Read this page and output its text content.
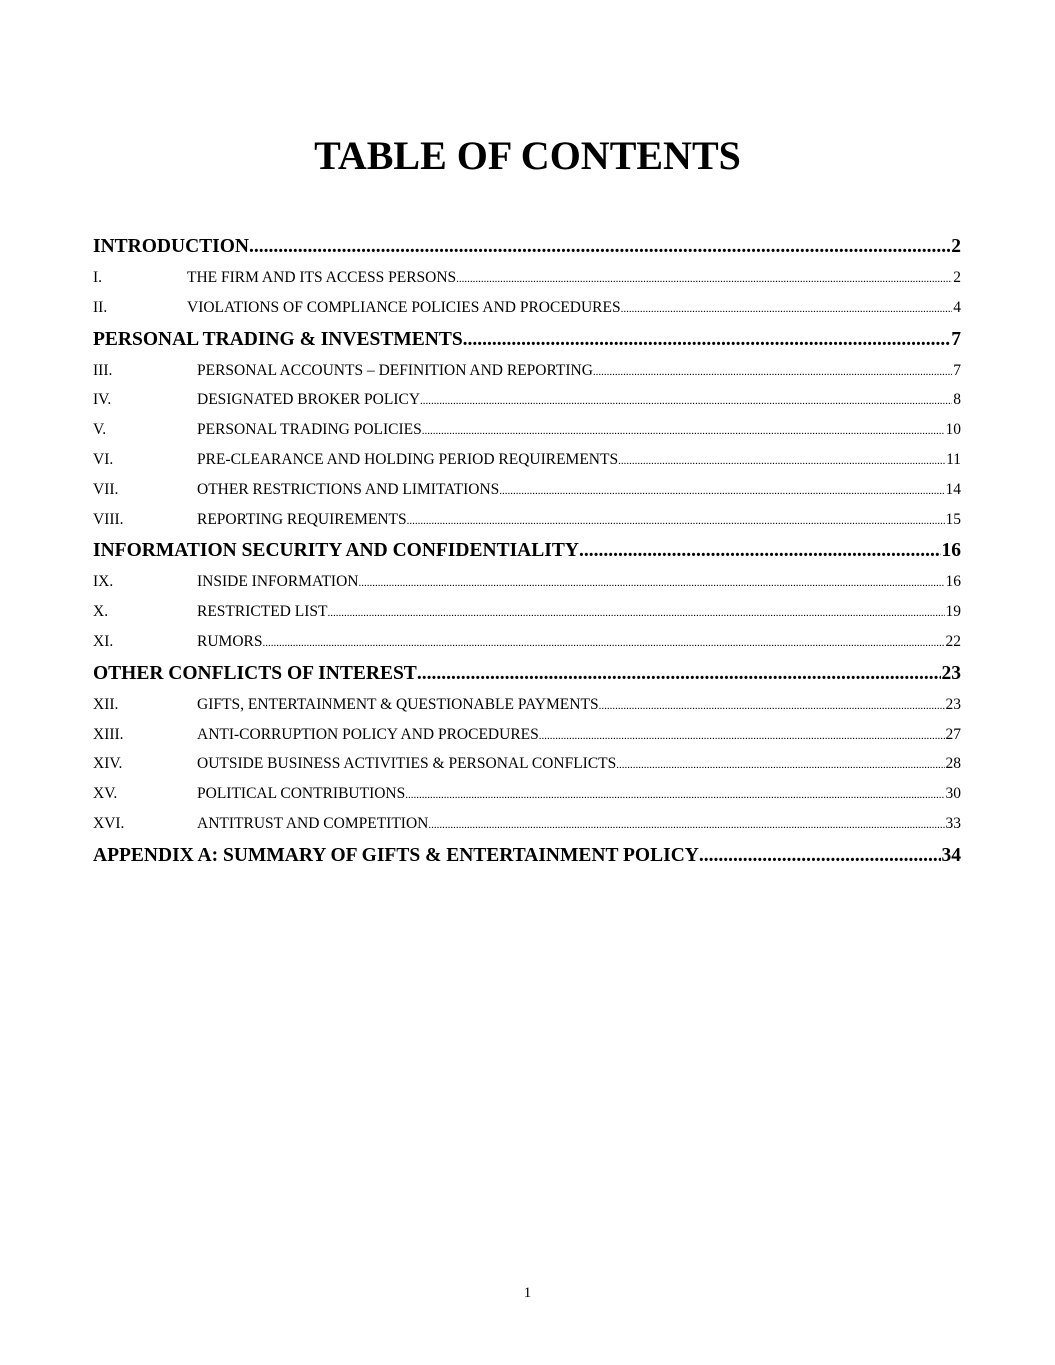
TABLE OF CONTENTS
INTRODUCTION .....	2
I.	THE FIRM AND ITS ACCESS PERSONS .....	2
II.	VIOLATIONS OF COMPLIANCE POLICIES AND PROCEDURES .....	4
PERSONAL TRADING & INVESTMENTS .....	7
III.	PERSONAL ACCOUNTS – DEFINITION AND REPORTING .....	7
IV.	DESIGNATED BROKER POLICY .....	8
V.	PERSONAL TRADING POLICIES .....	10
VI.	PRE-CLEARANCE AND HOLDING PERIOD REQUIREMENTS .....	11
VII.	OTHER RESTRICTIONS AND LIMITATIONS .....	14
VIII.	REPORTING REQUIREMENTS .....	15
INFORMATION SECURITY AND CONFIDENTIALITY .....	16
IX.	INSIDE INFORMATION .....	16
X.	RESTRICTED LIST .....	19
XI.	RUMORS .....	22
OTHER CONFLICTS OF INTEREST .....	23
XII.	GIFTS, ENTERTAINMENT & QUESTIONABLE PAYMENTS .....	23
XIII.	ANTI-CORRUPTION POLICY AND PROCEDURES .....	27
XIV.	OUTSIDE BUSINESS ACTIVITIES & PERSONAL CONFLICTS .....	28
XV.	POLITICAL CONTRIBUTIONS .....	30
XVI.	ANTITRUST AND COMPETITION .....	33
APPENDIX A: SUMMARY OF GIFTS & ENTERTAINMENT POLICY .....	34
1
